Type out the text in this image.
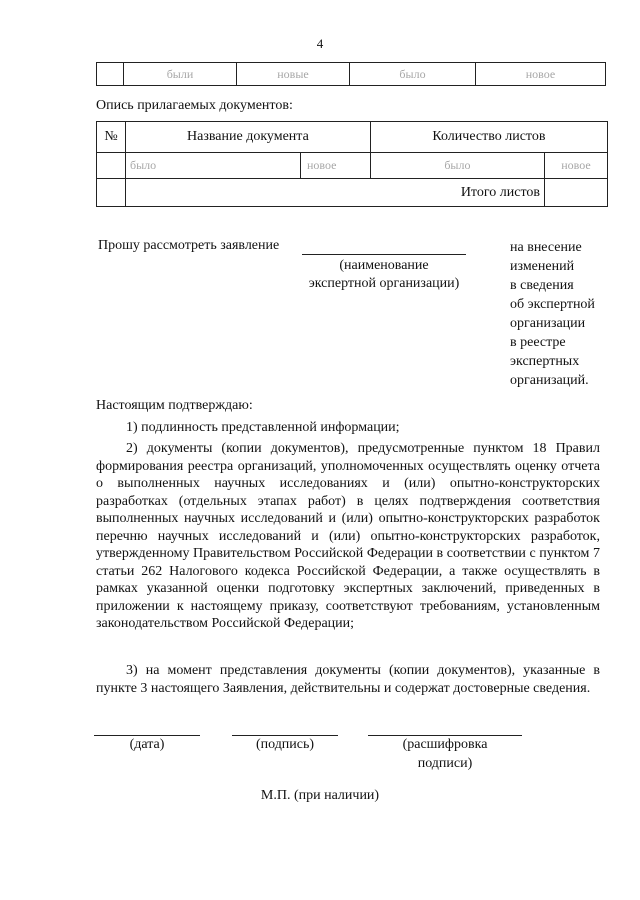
4
	были	новые	было	новое
Опись прилагаемых документов:
№	Название документа		Количество листов	
	было	новое	было	новое
	Итого листов			
Прошу рассмотреть заявление
(наименование
экспертной организации)
на внесение
изменений
в сведения
об экспертной
организации
в реестре
экспертных
организаций.
Настоящим подтверждаю:
1) подлинность представленной информации;

2) документы (копии документов), предусмотренные пунктом 18 Правил формирования реестра организаций, уполномоченных осуществлять оценку отчета о выполненных научных исследованиях и (или) опытно-конструкторских разработках (отдельных этапах работ) в целях подтверждения соответствия выполненных научных исследований и (или) опытно-конструкторских разработок перечню научных исследований и (или) опытно-конструкторских разработок, утвержденному Правительством Российской Федерации в соответствии с пунктом 7 статьи 262 Налогового кодекса Российской Федерации, а также осуществлять в рамках указанной оценки подготовку экспертных заключений, приведенных в приложении к настоящему приказу, соответствуют требованиям, установленным законодательством Российской Федерации;

3) на момент представления документы (копии документов), указанные в пункте 3 настоящего Заявления, действительны и содержат достоверные сведения.

(дата)	(подпись)	(расшифровка
подписи)
М.П. (при наличии)
